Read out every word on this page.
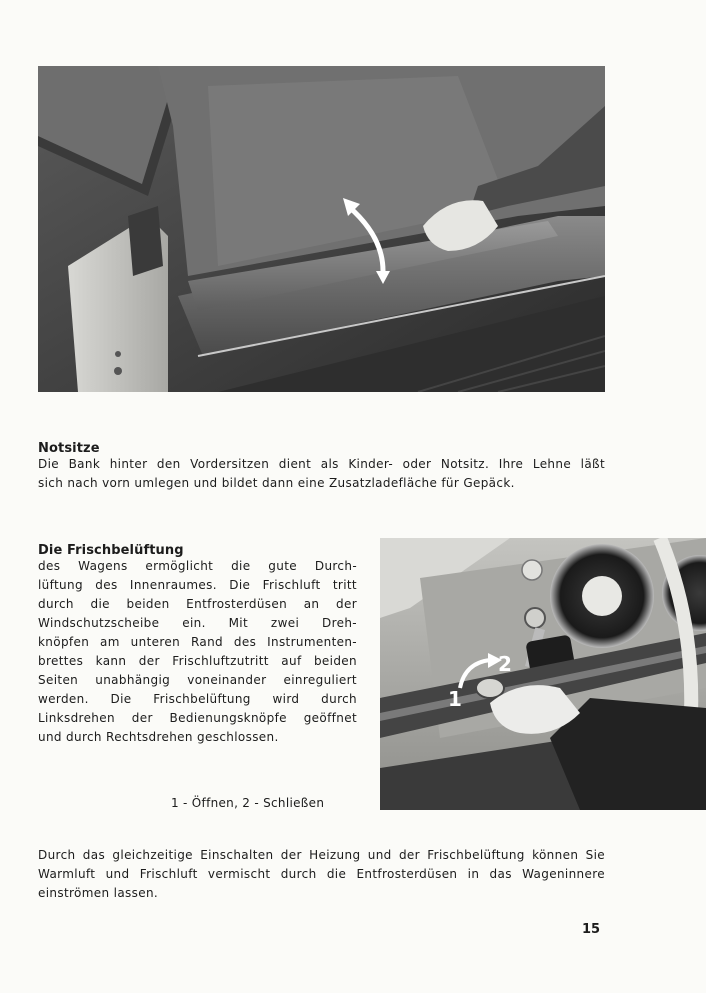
Notsitze

Die Bank hinter den Vordersitzen dient als Kinder- oder Notsitz. Ihre Lehne läßt
sich nach vorn umlegen und bildet dann eine Zusatzladefläche für Gepäck.

Die Frischbelüftung

des Wagens ermöglicht die gute Durch-
lüftung des Innenraumes. Die Frischluft tritt
durch die beiden Entfrosterdüsen an der
Windschutzscheibe ein. Mit zwei Dreh-
knöpfen am unteren Rand des Instrumenten-
brettes kann der Frischluftzutritt auf beiden
Seiten unabhängig voneinander einreguliert
werden. Die Frischbelüftung wird durch
Linksdrehen der Bedienungsknöpfe geöffnet
und durch Rechtsdrehen geschlossen.

1
2
1 - Öffnen, 2 - Schließen

Durch das gleichzeitige Einschalten der Heizung und der Frischbelüftung können Sie
Warmluft und Frischluft vermischt durch die Entfrosterdüsen in das Wageninnere
einströmen lassen.

15
